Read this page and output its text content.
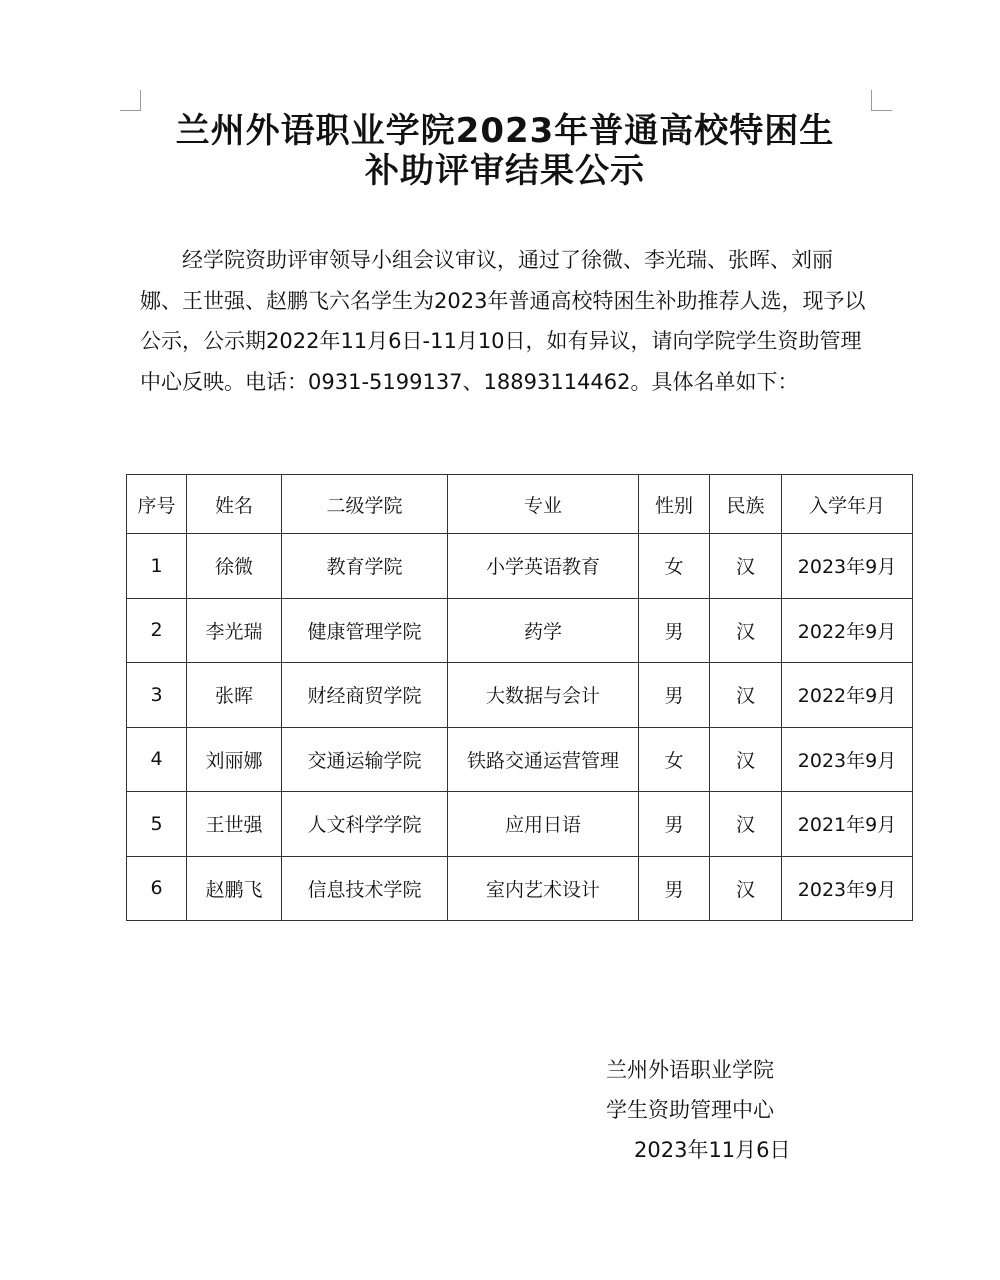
兰州外语职业学院2023年普通高校特困生
补助评审结果公示

经学院资助评审领导小组会议审议，通过了徐微、李光瑞、张晖、刘丽娜、王世强、赵鹏飞六名学生为2023年普通高校特困生补助推荐人选，现予以公示，公示期2022年11月6日-11月10日，如有异议，请向学院学生资助管理中心反映。电话：0931-5199137、18893114462。具体名单如下：

序号	姓名	二级学院	专业	性别	民族	入学年月
1	徐微	教育学院	小学英语教育	女	汉	2023年9月
2	李光瑞	健康管理学院	药学	男	汉	2022年9月
3	张晖	财经商贸学院	大数据与会计	男	汉	2022年9月
4	刘丽娜	交通运输学院	铁路交通运营管理	女	汉	2023年9月
5	王世强	人文科学学院	应用日语	男	汉	2021年9月
6	赵鹏飞	信息技术学院	室内艺术设计	男	汉	2023年9月
兰州外语职业学院
学生资助管理中心
2023年11月6日
